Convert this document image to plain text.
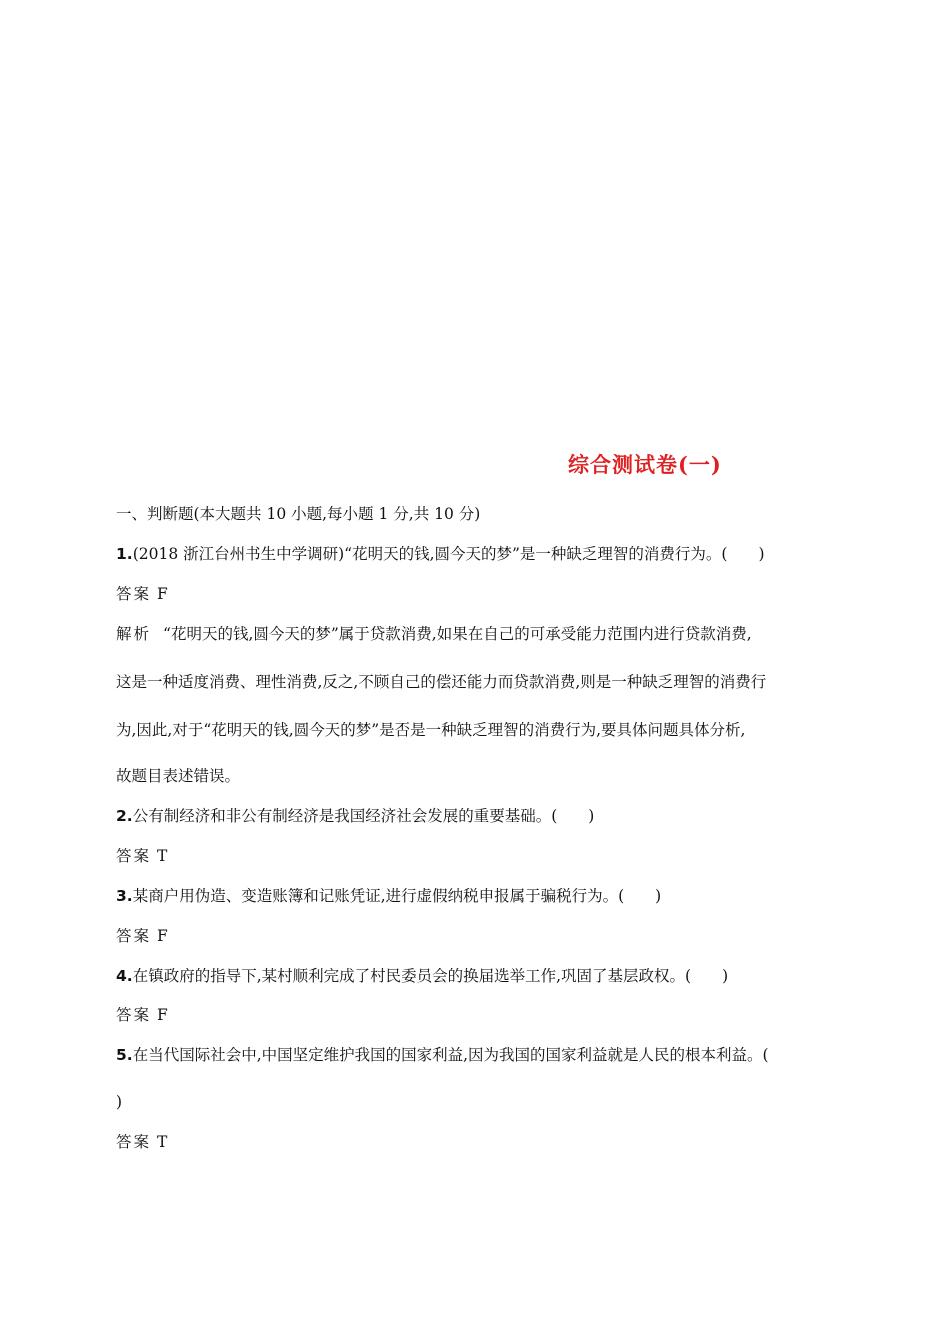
综合测试卷(一)
一、判断题(本大题共 10 小题,每小题 1 分,共 10 分)
1.(2018 浙江台州书生中学调研)“花明天的钱,圆今天的梦”是一种缺乏理智的消费行为。(　　)
答案 F
解析 “花明天的钱,圆今天的梦”属于贷款消费,如果在自己的可承受能力范围内进行贷款消费,
这是一种适度消费、理性消费,反之,不顾自己的偿还能力而贷款消费,则是一种缺乏理智的消费行
为,因此,对于“花明天的钱,圆今天的梦”是否是一种缺乏理智的消费行为,要具体问题具体分析,
故题目表述错误。
2.公有制经济和非公有制经济是我国经济社会发展的重要基础。(　　)
答案 T
3.某商户用伪造、变造账簿和记账凭证,进行虚假纳税申报属于骗税行为。(　　)
答案 F
4.在镇政府的指导下,某村顺利完成了村民委员会的换届选举工作,巩固了基层政权。(　　)
答案 F
5.在当代国际社会中,中国坚定维护我国的国家利益,因为我国的国家利益就是人民的根本利益。(
)
答案 T
